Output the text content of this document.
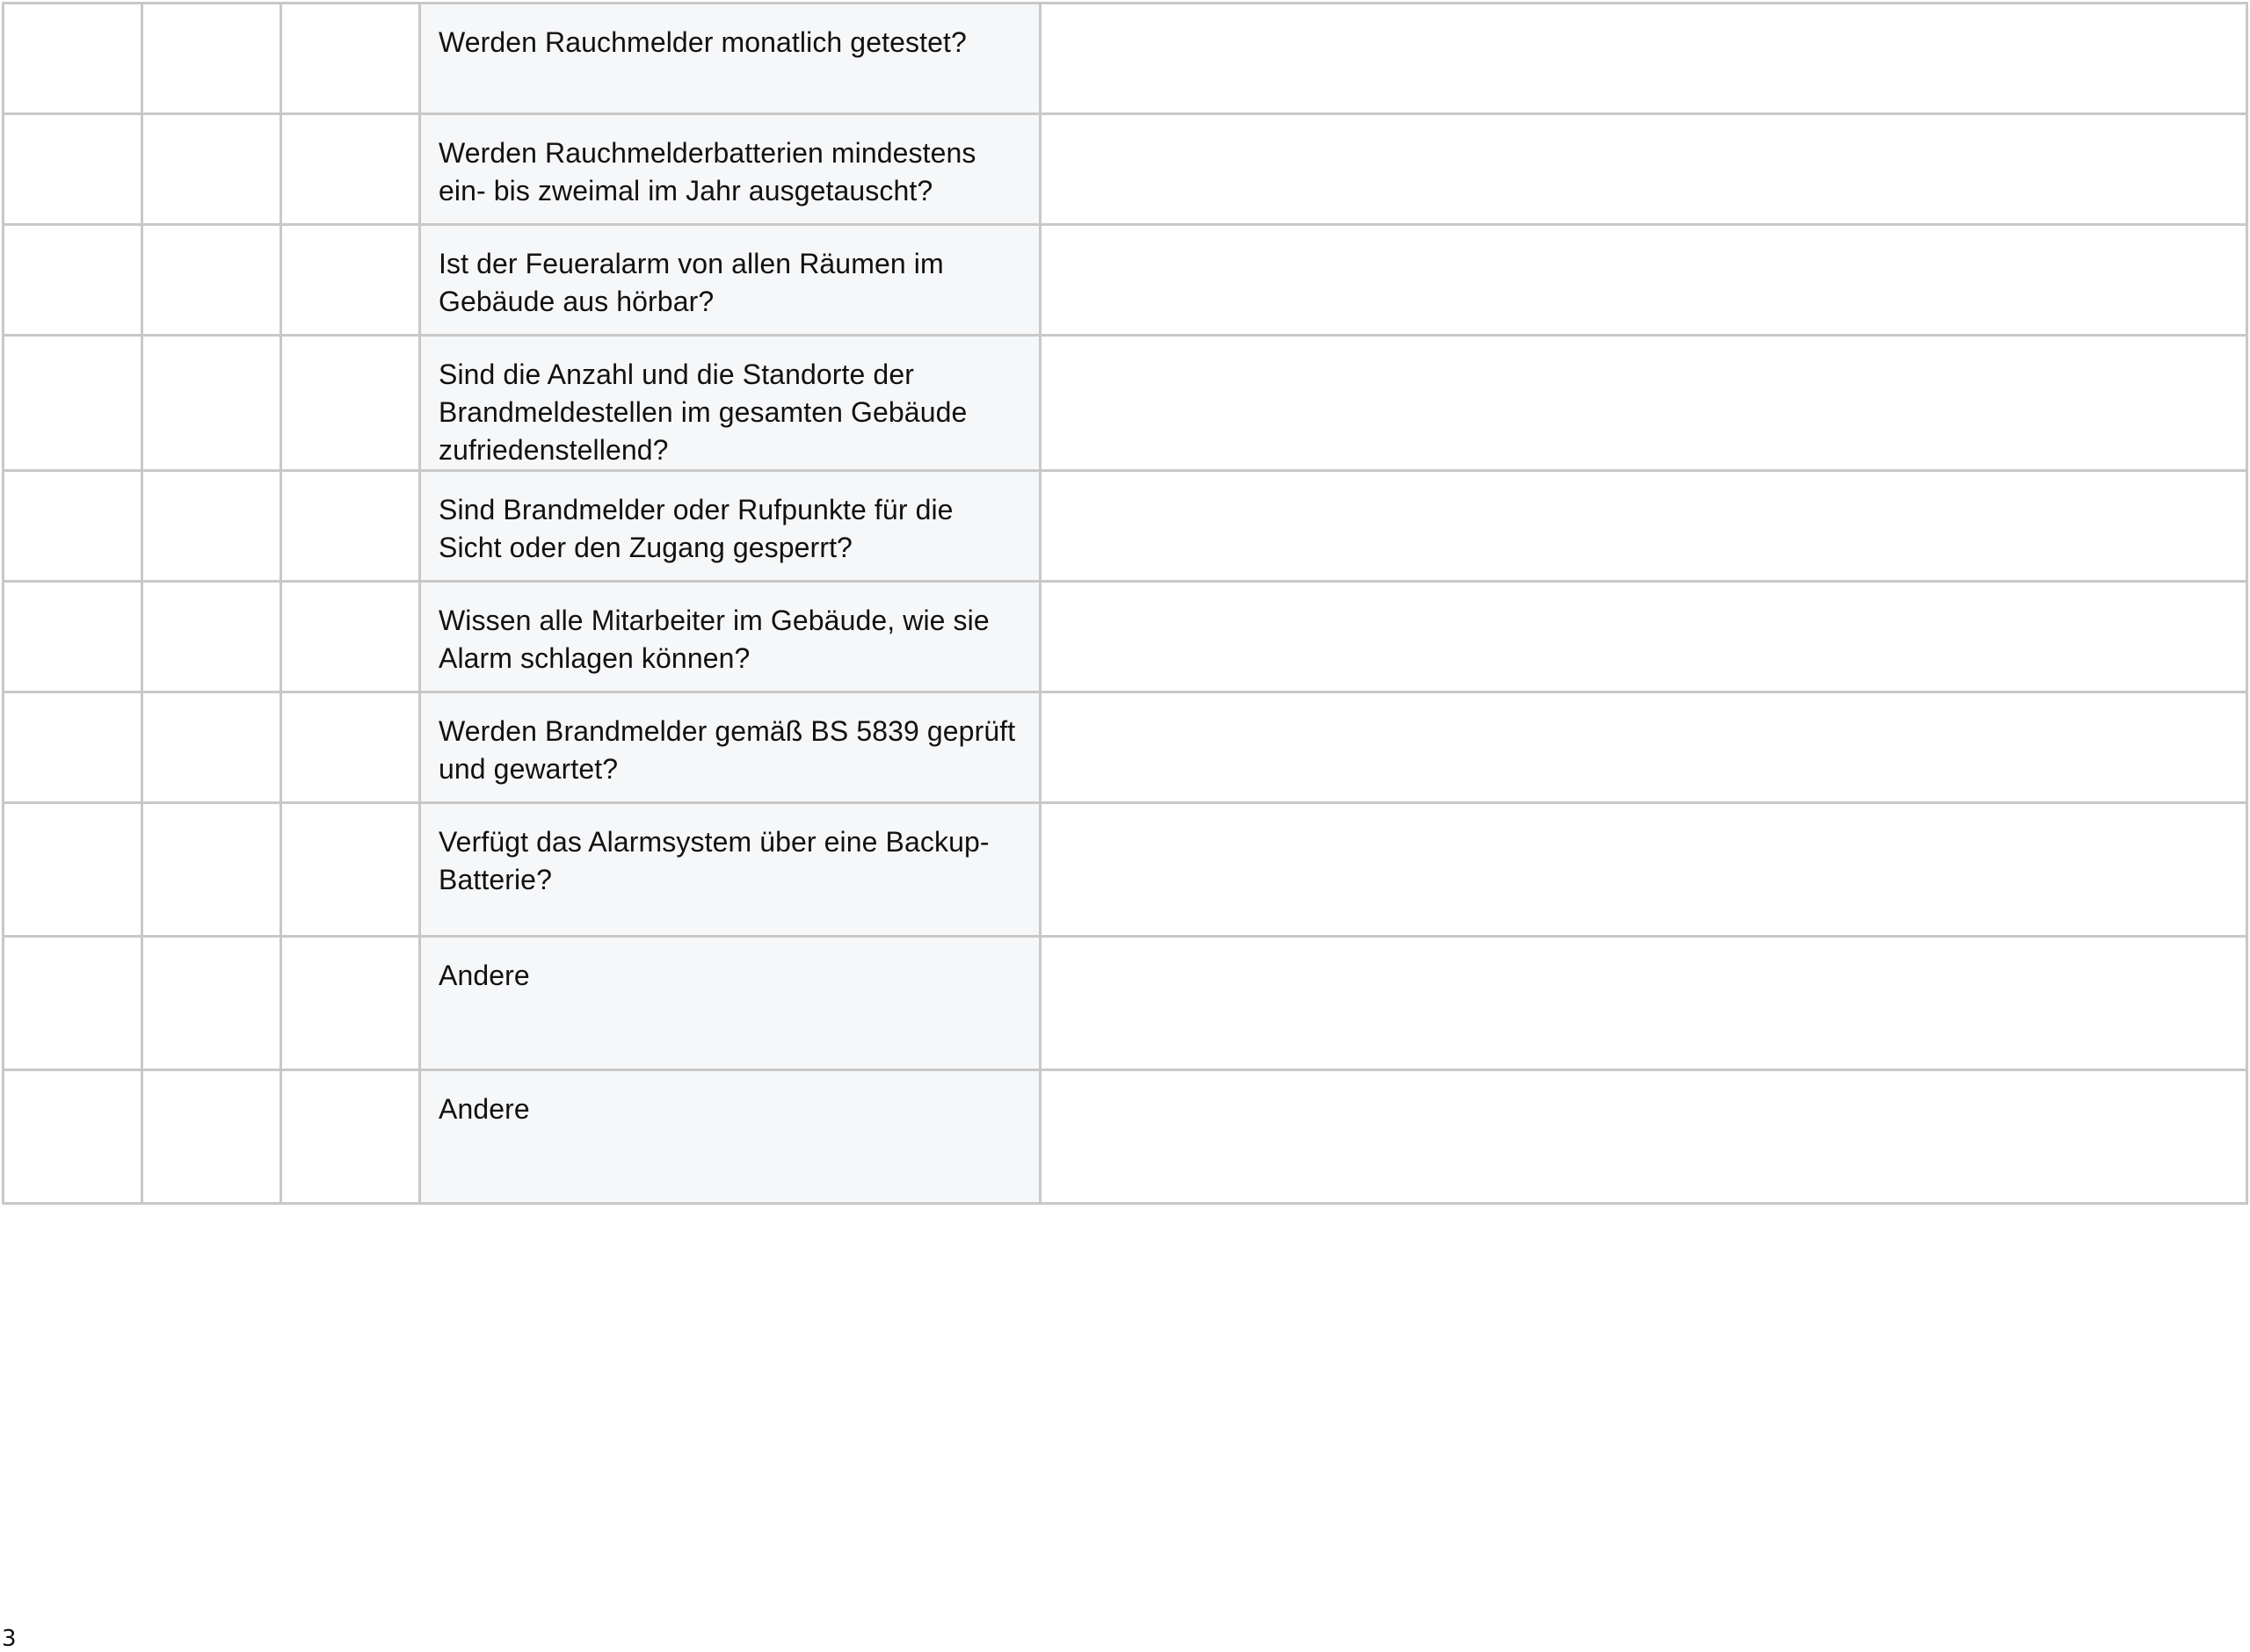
			Werden Rauchmelder monatlich getestet?	

			Werden Rauchmelderbatterien mindestens ein- bis zweimal im Jahr ausgetauscht?	

			Ist der Feueralarm von allen Räumen im Gebäude aus hörbar?	

			Sind die Anzahl und die Standorte der Brandmeldestellen im gesamten Gebäude zufriedenstellend?	

			Sind Brandmelder oder Rufpunkte für die Sicht oder den Zugang gesperrt?	

			Wissen alle Mitarbeiter im Gebäude, wie sie Alarm schlagen können?	

			Werden Brandmelder gemäß BS 5839 geprüft und gewartet?	

			Verfügt das Alarmsystem über eine Backup-Batterie?	

			Andere	

			Andere	

3
